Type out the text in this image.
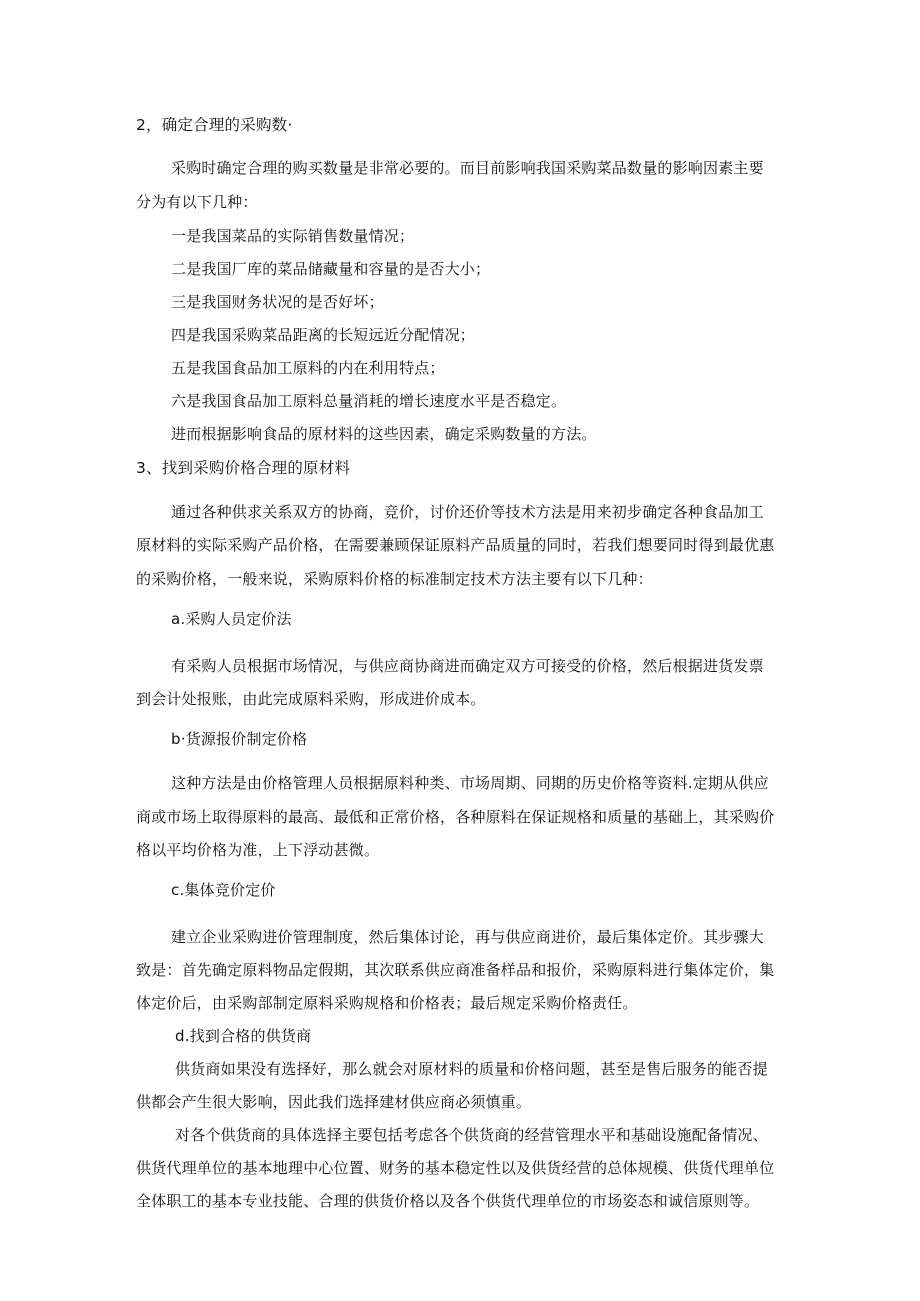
2，确定合理的采购数·
采购时确定合理的购买数量是非常必要的。而目前影响我国采购菜品数量的影响因素主要
分为有以下几种：
一是我国菜品的实际销售数量情况；
二是我国厂库的菜品储藏量和容量的是否大小；
三是我国财务状况的是否好坏；
四是我国采购菜品距离的长短远近分配情况；
五是我国食品加工原料的内在利用特点；
六是我国食品加工原料总量消耗的增长速度水平是否稳定。
进而根据影响食品的原材料的这些因素，确定采购数量的方法。
3、找到采购价格合理的原材料
通过各种供求关系双方的协商，竞价，讨价还价等技术方法是用来初步确定各种食品加工
原材料的实际采购产品价格，在需要兼顾保证原料产品质量的同时，若我们想要同时得到最优惠
的采购价格，一般来说，采购原料价格的标准制定技术方法主要有以下几种：
a.采购人员定价法
有采购人员根据市场情况，与供应商协商进而确定双方可接受的价格，然后根据进货发票
到会计处报账，由此完成原料采购，形成进价成本。
b·货源报价制定价格
这种方法是由价格管理人员根据原料种类、市场周期、同期的历史价格等资料.定期从供应
商或市场上取得原料的最高、最低和正常价格，各种原料在保证规格和质量的基础上，其采购价
格以平均价格为准，上下浮动甚微。
c.集体竞价定价
建立企业采购进价管理制度，然后集体讨论，再与供应商进价，最后集体定价。其步骤大
致是：首先确定原料物品定假期，其次联系供应商准备样品和报价，采购原料进行集体定价，集
体定价后，由采购部制定原料采购规格和价格表；最后规定采购价格责任。
d.找到合格的供货商
供货商如果没有选择好，那么就会对原材料的质量和价格问题，甚至是售后服务的能否提
供都会产生很大影响，因此我们选择建材供应商必须慎重。
对各个供货商的具体选择主要包括考虑各个供货商的经营管理水平和基础设施配备情况、
供货代理单位的基本地理中心位置、财务的基本稳定性以及供货经营的总体规模、供货代理单位
全体职工的基本专业技能、合理的供货价格以及各个供货代理单位的市场姿态和诚信原则等。
